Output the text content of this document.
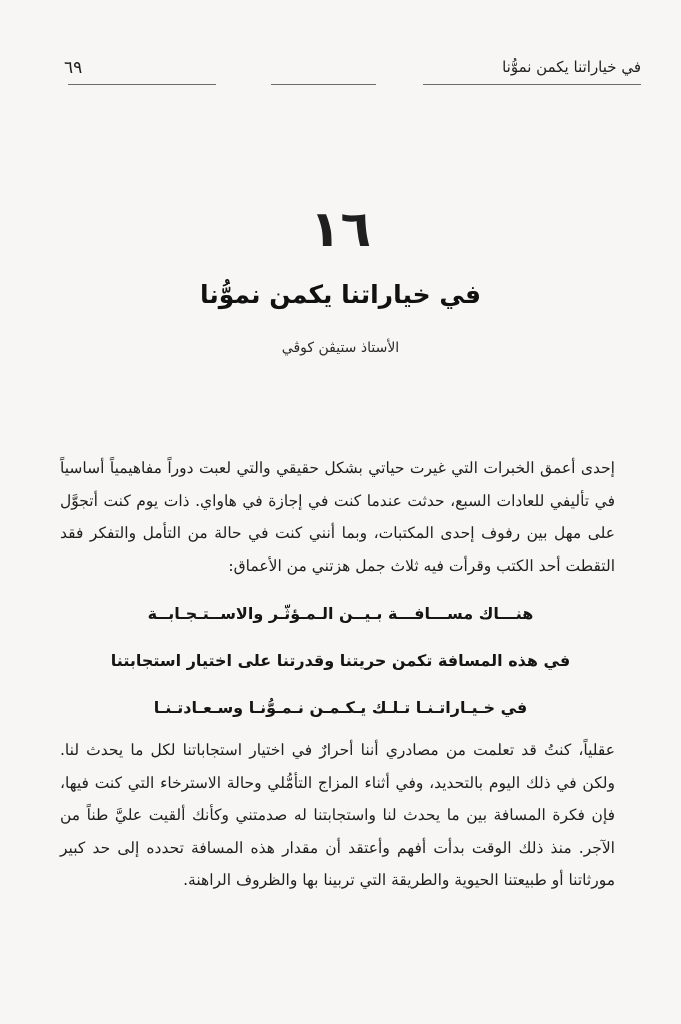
في خياراتنا يكمن نموُّنا
٦٩
١٦
في خياراتنا يكمن نموُّنا
الأستاذ ستيڤن كوڤي

إحدى أعمق الخبرات التي غيرت حياتي بشكل حقيقي والتي لعبت دوراً مفاهيمياً أساسياً في تأليفي للعادات السبع، حدثت عندما كنت في إجازة في هاواي. ذات يوم كنت أتجوَّل على مهل بين رفوف إحدى المكتبات، وبما أنني كنت في حالة من التأمل والتفكر فقد التقطت أحد الكتب وقرأت فيه ثلاث جمل هزتني من الأعماق:

هنـــاك مســـافـــة بـيــن الـمـؤثّـر والاســتـجـابــة
في هذه المسافة تكمن حريتنا وقدرتنا على اختيار استجابتنا
في خـيـاراتـنـا تـلـك يـكـمـن نـمـوُّنـا وسـعـادتـنـا

عقلياً، كنتُ قد تعلمت من مصادري أننا أحرارٌ في اختيار استجاباتنا لكل ما يحدث لنا. ولكن في ذلك اليوم بالتحديد، وفي أثناء المزاج التأمُّلي وحالة الاسترخاء التي كنت فيها، فإن فكرة المسافة بين ما يحدث لنا واستجابتنا له صدمتني وكأنك ألقيت عليَّ طناً من الآجر. منذ ذلك الوقت بدأت أفهم وأعتقد أن مقدار هذه المسافة تحدده إلى حد كبير مورثاتنا أو طبيعتنا الحيوية والطريقة التي تربينا بها والظروف الراهنة.
